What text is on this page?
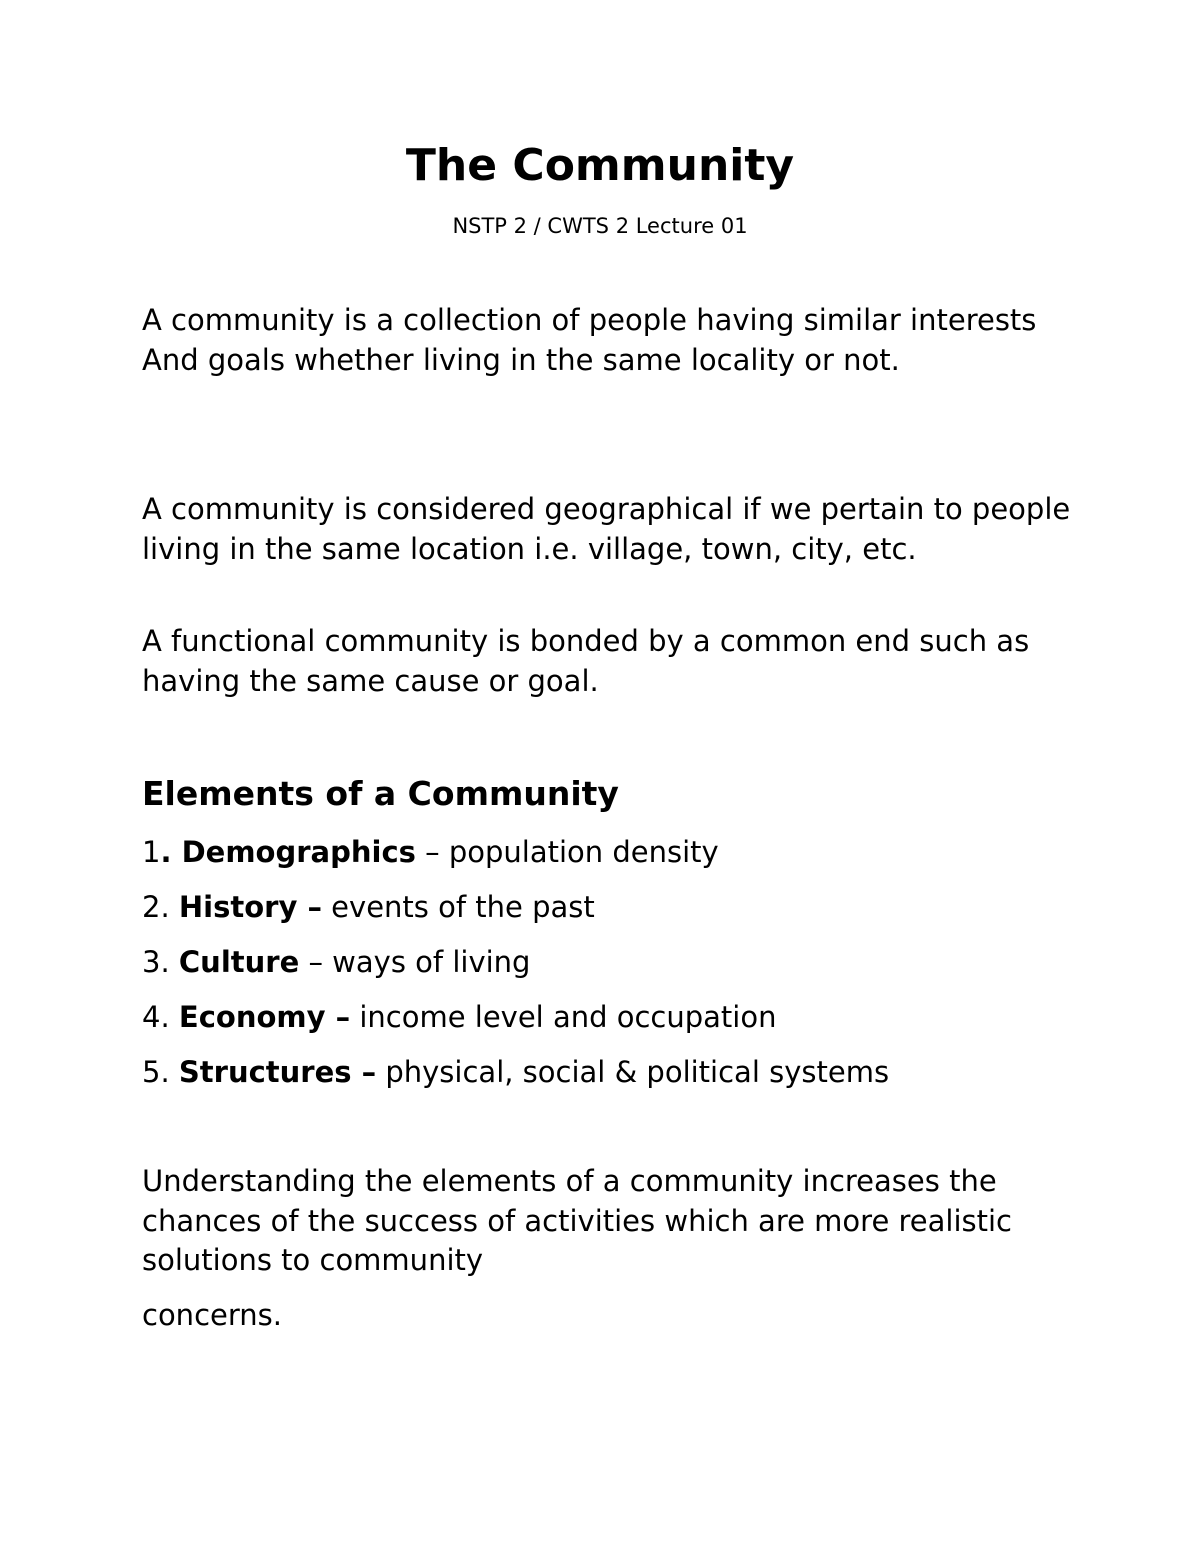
The Community

NSTP 2 / CWTS 2 Lecture 01

A community is a collection of people having similar interests And goals whether living in the same locality or not.

A community is considered geographical if we pertain to people living in the same location i.e. village, town, city, etc.

A functional community is bonded by a common end such as having the same cause or goal.

Elements of a Community

1. Demographics – population density

2. History – events of the past

3. Culture – ways of living

4. Economy – income level and occupation

5. Structures – physical, social & political systems

Understanding the elements of a community increases the chances of the success of activities which are more realistic solutions to community

concerns.
